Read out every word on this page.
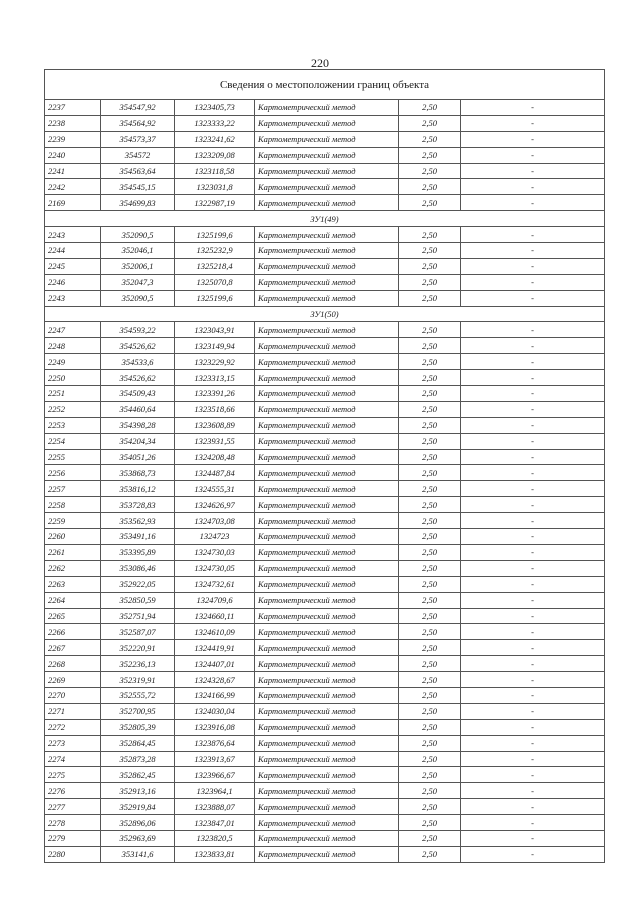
220
Сведения о местоположении границ объекта					
2237	354547,92	1323405,73	Картометрический метод	2,50	-
2238	354564,92	1323333,22	Картометрический метод	2,50	-
2239	354573,37	1323241,62	Картометрический метод	2,50	-
2240	354572	1323209,08	Картометрический метод	2,50	-
2241	354563,64	1323118,58	Картометрический метод	2,50	-
2242	354545,15	1323031,8	Картометрический метод	2,50	-
2169	354699,83	1322987,19	Картометрический метод	2,50	-
ЗУ1(49)					
2243	352090,5	1325199,6	Картометрический метод	2,50	-
2244	352046,1	1325232,9	Картометрический метод	2,50	-
2245	352006,1	1325218,4	Картометрический метод	2,50	-
2246	352047,3	1325070,8	Картометрический метод	2,50	-
2243	352090,5	1325199,6	Картометрический метод	2,50	-
ЗУ1(50)					
2247	354593,22	1323043,91	Картометрический метод	2,50	-
2248	354526,62	1323149,94	Картометрический метод	2,50	-
2249	354533,6	1323229,92	Картометрический метод	2,50	-
2250	354526,62	1323313,15	Картометрический метод	2,50	-
2251	354509,43	1323391,26	Картометрический метод	2,50	-
2252	354460,64	1323518,66	Картометрический метод	2,50	-
2253	354398,28	1323608,89	Картометрический метод	2,50	-
2254	354204,34	1323931,55	Картометрический метод	2,50	-
2255	354051,26	1324208,48	Картометрический метод	2,50	-
2256	353868,73	1324487,84	Картометрический метод	2,50	-
2257	353816,12	1324555,31	Картометрический метод	2,50	-
2258	353728,83	1324626,97	Картометрический метод	2,50	-
2259	353562,93	1324703,08	Картометрический метод	2,50	-
2260	353491,16	1324723	Картометрический метод	2,50	-
2261	353395,89	1324730,03	Картометрический метод	2,50	-
2262	353086,46	1324730,05	Картометрический метод	2,50	-
2263	352922,05	1324732,61	Картометрический метод	2,50	-
2264	352850,59	1324709,6	Картометрический метод	2,50	-
2265	352751,94	1324660,11	Картометрический метод	2,50	-
2266	352587,07	1324610,09	Картометрический метод	2,50	-
2267	352220,91	1324419,91	Картометрический метод	2,50	-
2268	352236,13	1324407,01	Картометрический метод	2,50	-
2269	352319,91	1324328,67	Картометрический метод	2,50	-
2270	352555,72	1324166,99	Картометрический метод	2,50	-
2271	352700,95	1324030,04	Картометрический метод	2,50	-
2272	352805,39	1323916,08	Картометрический метод	2,50	-
2273	352864,45	1323876,64	Картометрический метод	2,50	-
2274	352873,28	1323913,67	Картометрический метод	2,50	-
2275	352862,45	1323966,67	Картометрический метод	2,50	-
2276	352913,16	1323964,1	Картометрический метод	2,50	-
2277	352919,84	1323888,07	Картометрический метод	2,50	-
2278	352896,06	1323847,01	Картометрический метод	2,50	-
2279	352963,69	1323820,5	Картометрический метод	2,50	-
2280	353141,6	1323833,81	Картометрический метод	2,50	-
